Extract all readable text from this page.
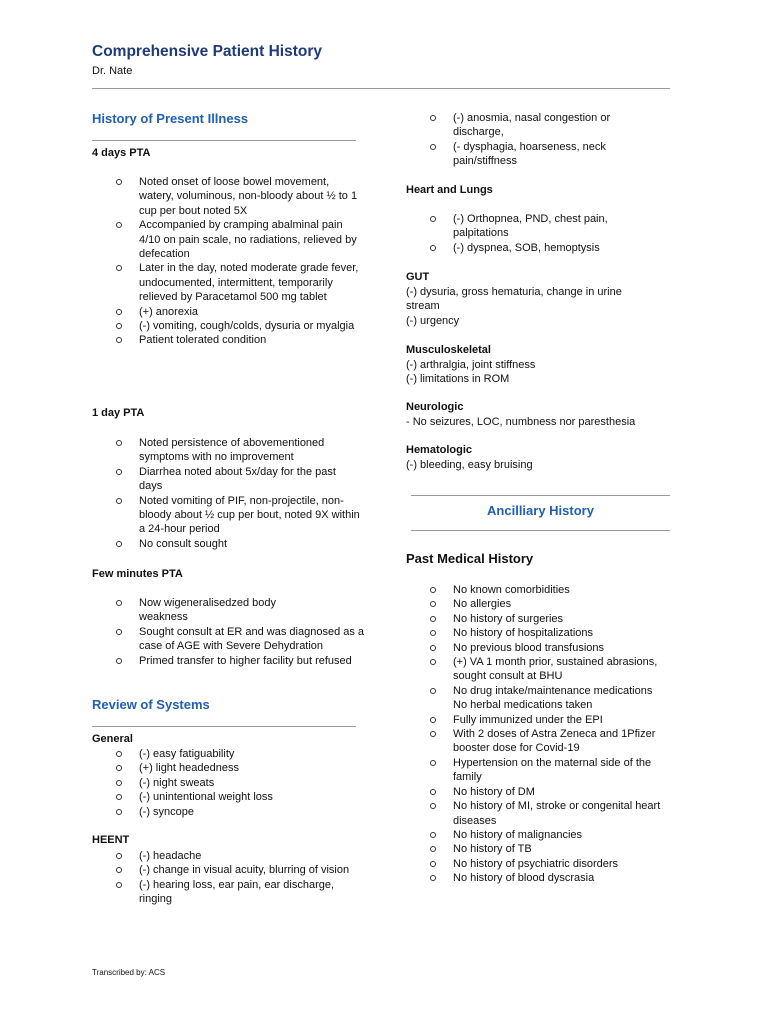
Comprehensive Patient History
Dr. Nate
History of Present Illness
4 days PTA
Noted onset of loose bowel movement, watery, voluminous, non-bloody about ½ to 1 cup per bout noted 5X
Accompanied by cramping abalminal pain 4/10 on pain scale, no radiations, relieved by defecation
Later in the day, noted moderate grade fever, undocumented, intermittent, temporarily relieved by Paracetamol 500 mg tablet
(+) anorexia
(-) vomiting, cough/colds, dysuria or myalgia
Patient tolerated condition
1 day PTA
Noted persistence of abovementioned symptoms with no improvement
Diarrhea noted about 5x/day for the past days
Noted vomiting of PIF, non-projectile, non-bloody about ½ cup per bout, noted 9X within a 24-hour period
No consult sought
Few minutes PTA
Now wigeneralisedzed body
weakness
Sought consult at ER and was diagnosed as a case of AGE with Severe Dehydration
Primed transfer to higher facility but refused
Review of Systems
General
(-) easy fatiguability
(+) light headedness
(-) night sweats
(-) unintentional weight loss
(-) syncope
HEENT
(-) headache
(-) change in visual acuity, blurring of vision
(-) hearing loss, ear pain, ear discharge, ringing
(-) anosmia, nasal congestion or discharge,
(- dysphagia, hoarseness, neck pain/stiffness
Heart and Lungs
(-) Orthopnea, PND, chest pain, palpitations
(-) dyspnea, SOB, hemoptysis
GUT
(-) dysuria, gross hematuria, change in urine
stream
(-) urgency
Musculoskeletal
(-) arthralgia, joint stiffness
(-) limitations in ROM
Neurologic
- No seizures, LOC, numbness nor paresthesia
Hematologic
(-) bleeding, easy bruising
Ancilliary History
Past Medical History
No known comorbidities
No allergies
No history of surgeries
No history of hospitalizations
No previous blood transfusions
(+) VA 1 month prior, sustained abrasions, sought consult at BHU
No drug intake/maintenance medications
No herbal medications taken
Fully immunized under the EPI
With 2 doses of Astra Zeneca and 1Pfizer booster dose for Covid-19
Hypertension on the maternal side of the family
No history of DM
No history of MI, stroke or congenital heart diseases
No history of malignancies
No history of TB
No history of psychiatric disorders
No history of blood dyscrasia
Transcribed by: ACS
